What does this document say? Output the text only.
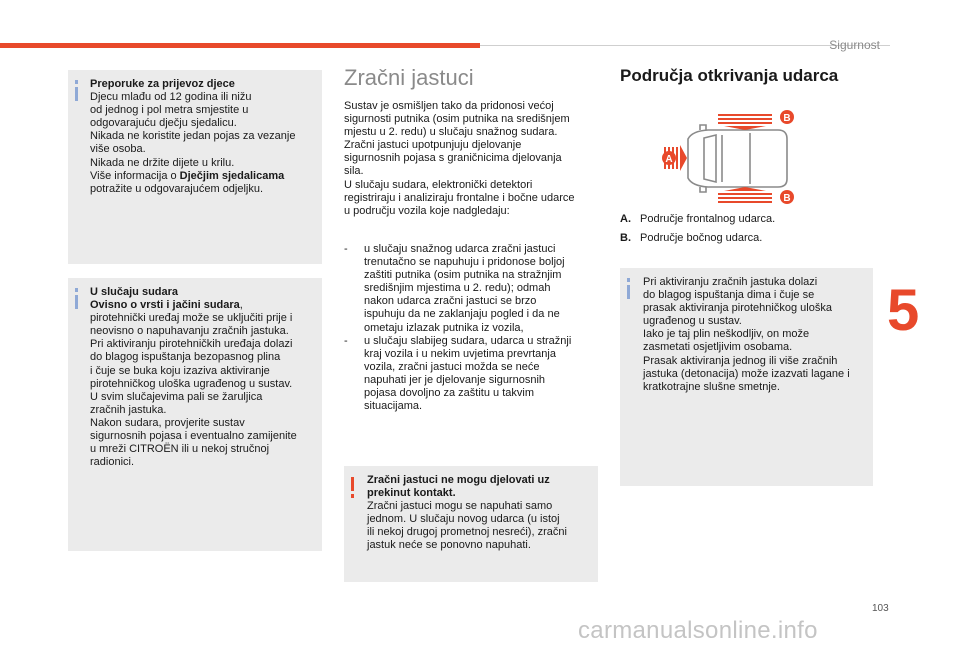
Sigurnost
5
103
carmanualsonline.info
Preporuke za prijevoz djece
Djecu mlađu od 12 godina ili nižu
od jednog i pol metra smjestite u
odgovarajuću dječju sjedalicu.
Nikada ne koristite jedan pojas za vezanje
više osoba.
Nikada ne držite dijete u krilu.
Više informacija o Dječjim sjedalicama
potražite u odgovarajućem odjeljku.
U slučaju sudara
Ovisno o vrsti i jačini sudara,
pirotehnički uređaj može se uključiti prije i
neovisno o napuhavanju zračnih jastuka.
Pri aktiviranju pirotehničkih uređaja dolazi
do blagog ispuštanja bezopasnog plina
i čuje se buka koju izaziva aktiviranje
pirotehničkog uloška ugrađenog u sustav.
U svim slučajevima pali se žaruljica
zračnih jastuka.
Nakon sudara, provjerite sustav
sigurnosnih pojasa i eventualno zamijenite
u mreži CITROËN ili u nekoj stručnoj
radionici.
Zračni jastuci
Sustav je osmišljen tako da pridonosi većoj
sigurnosti putnika (osim putnika na središnjem
mjestu u 2. redu) u slučaju snažnog sudara.
Zračni jastuci upotpunjuju djelovanje
sigurnosnih pojasa s graničnicima djelovanja
sila.
U slučaju sudara, elektronički detektori
registriraju i analiziraju frontalne i bočne udarce
u području vozila koje nadgledaju:
- u slučaju snažnog udarca zračni jastuci
trenutačno se napuhuju i pridonose boljoj
zaštiti putnika (osim putnika na stražnjim
središnjim mjestima u 2. redu); odmah
nakon udarca zračni jastuci se brzo
ispuhuju da ne zaklanjaju pogled i da ne
ometaju izlazak putnika iz vozila,
- u slučaju slabijeg sudara, udarca u stražnji
kraj vozila i u nekim uvjetima prevrtanja
vozila, zračni jastuci možda se neće
napuhati jer je djelovanje sigurnosnih
pojasa dovoljno za zaštitu u takvim
situacijama.
Zračni jastuci ne mogu djelovati uz
prekinut kontakt.
Zračni jastuci mogu se napuhati samo
jednom. U slučaju novog udarca (u istoj
ili nekoj drugoj prometnoj nesreći), zračni
jastuk neće se ponovno napuhati.
Područja otkrivanja udarca
B
B
A
A. Područje frontalnog udarca.
B. Područje bočnog udarca.
Pri aktiviranju zračnih jastuka dolazi
do blagog ispuštanja dima i čuje se
prasak aktiviranja pirotehničkog uloška
ugrađenog u sustav.
Iako je taj plin neškodljiv, on može
zasmetati osjetljivim osobama.
Prasak aktiviranja jednog ili više zračnih
jastuka (detonacija) može izazvati lagane i
kratkotrajne slušne smetnje.
